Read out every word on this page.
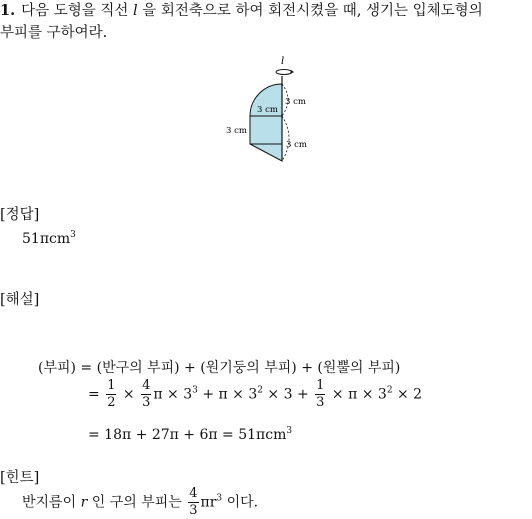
1. 다음 도형을 직선 l 을 회전축으로 하여 회전시켰을 때, 생기는 입체도형의
부피를 구하여라.
l
3 cm
3 cm
3 cm
3 cm
[정답]
51πcm$^3$
[해설]
(부피) = (반구의 부피) + (원기둥의 부피) + (원뿔의 부피)
= $\frac{1}{2} \times \frac{4}{3}$ $\pi \times 3^3 + \pi \times 3^2 \times 3 + \frac{1}{3} \times \pi \times 3^2 \times 2$
= 18π + 27π + 6π = 51πcm$^3$
[힌트]
반지름이 r 인 구의 부피는 $\frac{4}{3} \pi r^3$ 이다.
